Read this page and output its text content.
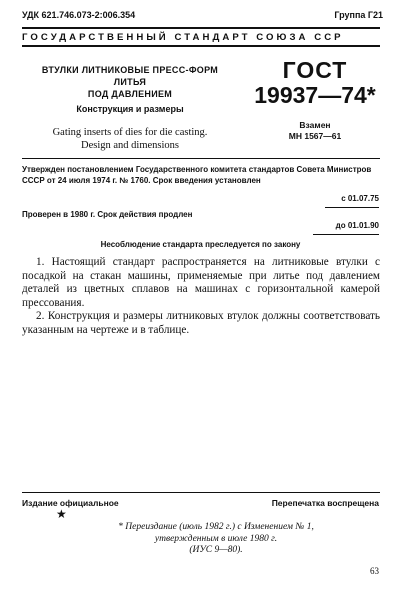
УДК 621.746.073-2:006.354	Группа Г21
ГОСУДАРСТВЕННЫЙ СТАНДАРТ СОЮЗА ССР
ВТУЛКИ ЛИТНИКОВЫЕ ПРЕСС-ФОРМ ЛИТЬЯ
ПОД ДАВЛЕНИЕМ
Конструкция и размеры
Gating inserts of dies for die casting.
Design and dimensions
ГОСТ
19937—74*
Взамен
МН 1567—61
Утвержден постановлением Государственного комитета стандартов Совета Министров СССР от 24 июля 1974 г. № 1760. Срок введения установлен
с 01.07.75
Проверен в 1980 г. Срок действия продлен
до 01.01.90
Несоблюдение стандарта преследуется по закону

1. Настоящий стандарт распространяется на литниковые втулки с посадкой на стакан машины, применяемые при литье под давлением деталей из цветных сплавов на машинах с горизонтальной камерой прессования.

2. Конструкция и размеры литниковых втулок должны соответствовать указанным на чертеже и в таблице.

Издание официальное	Перепечатка воспрещена
★
* Переиздание (июль 1982 г.) с Изменением № 1,
утвержденным в июле 1980 г.
(ИУС 9—80).
63
